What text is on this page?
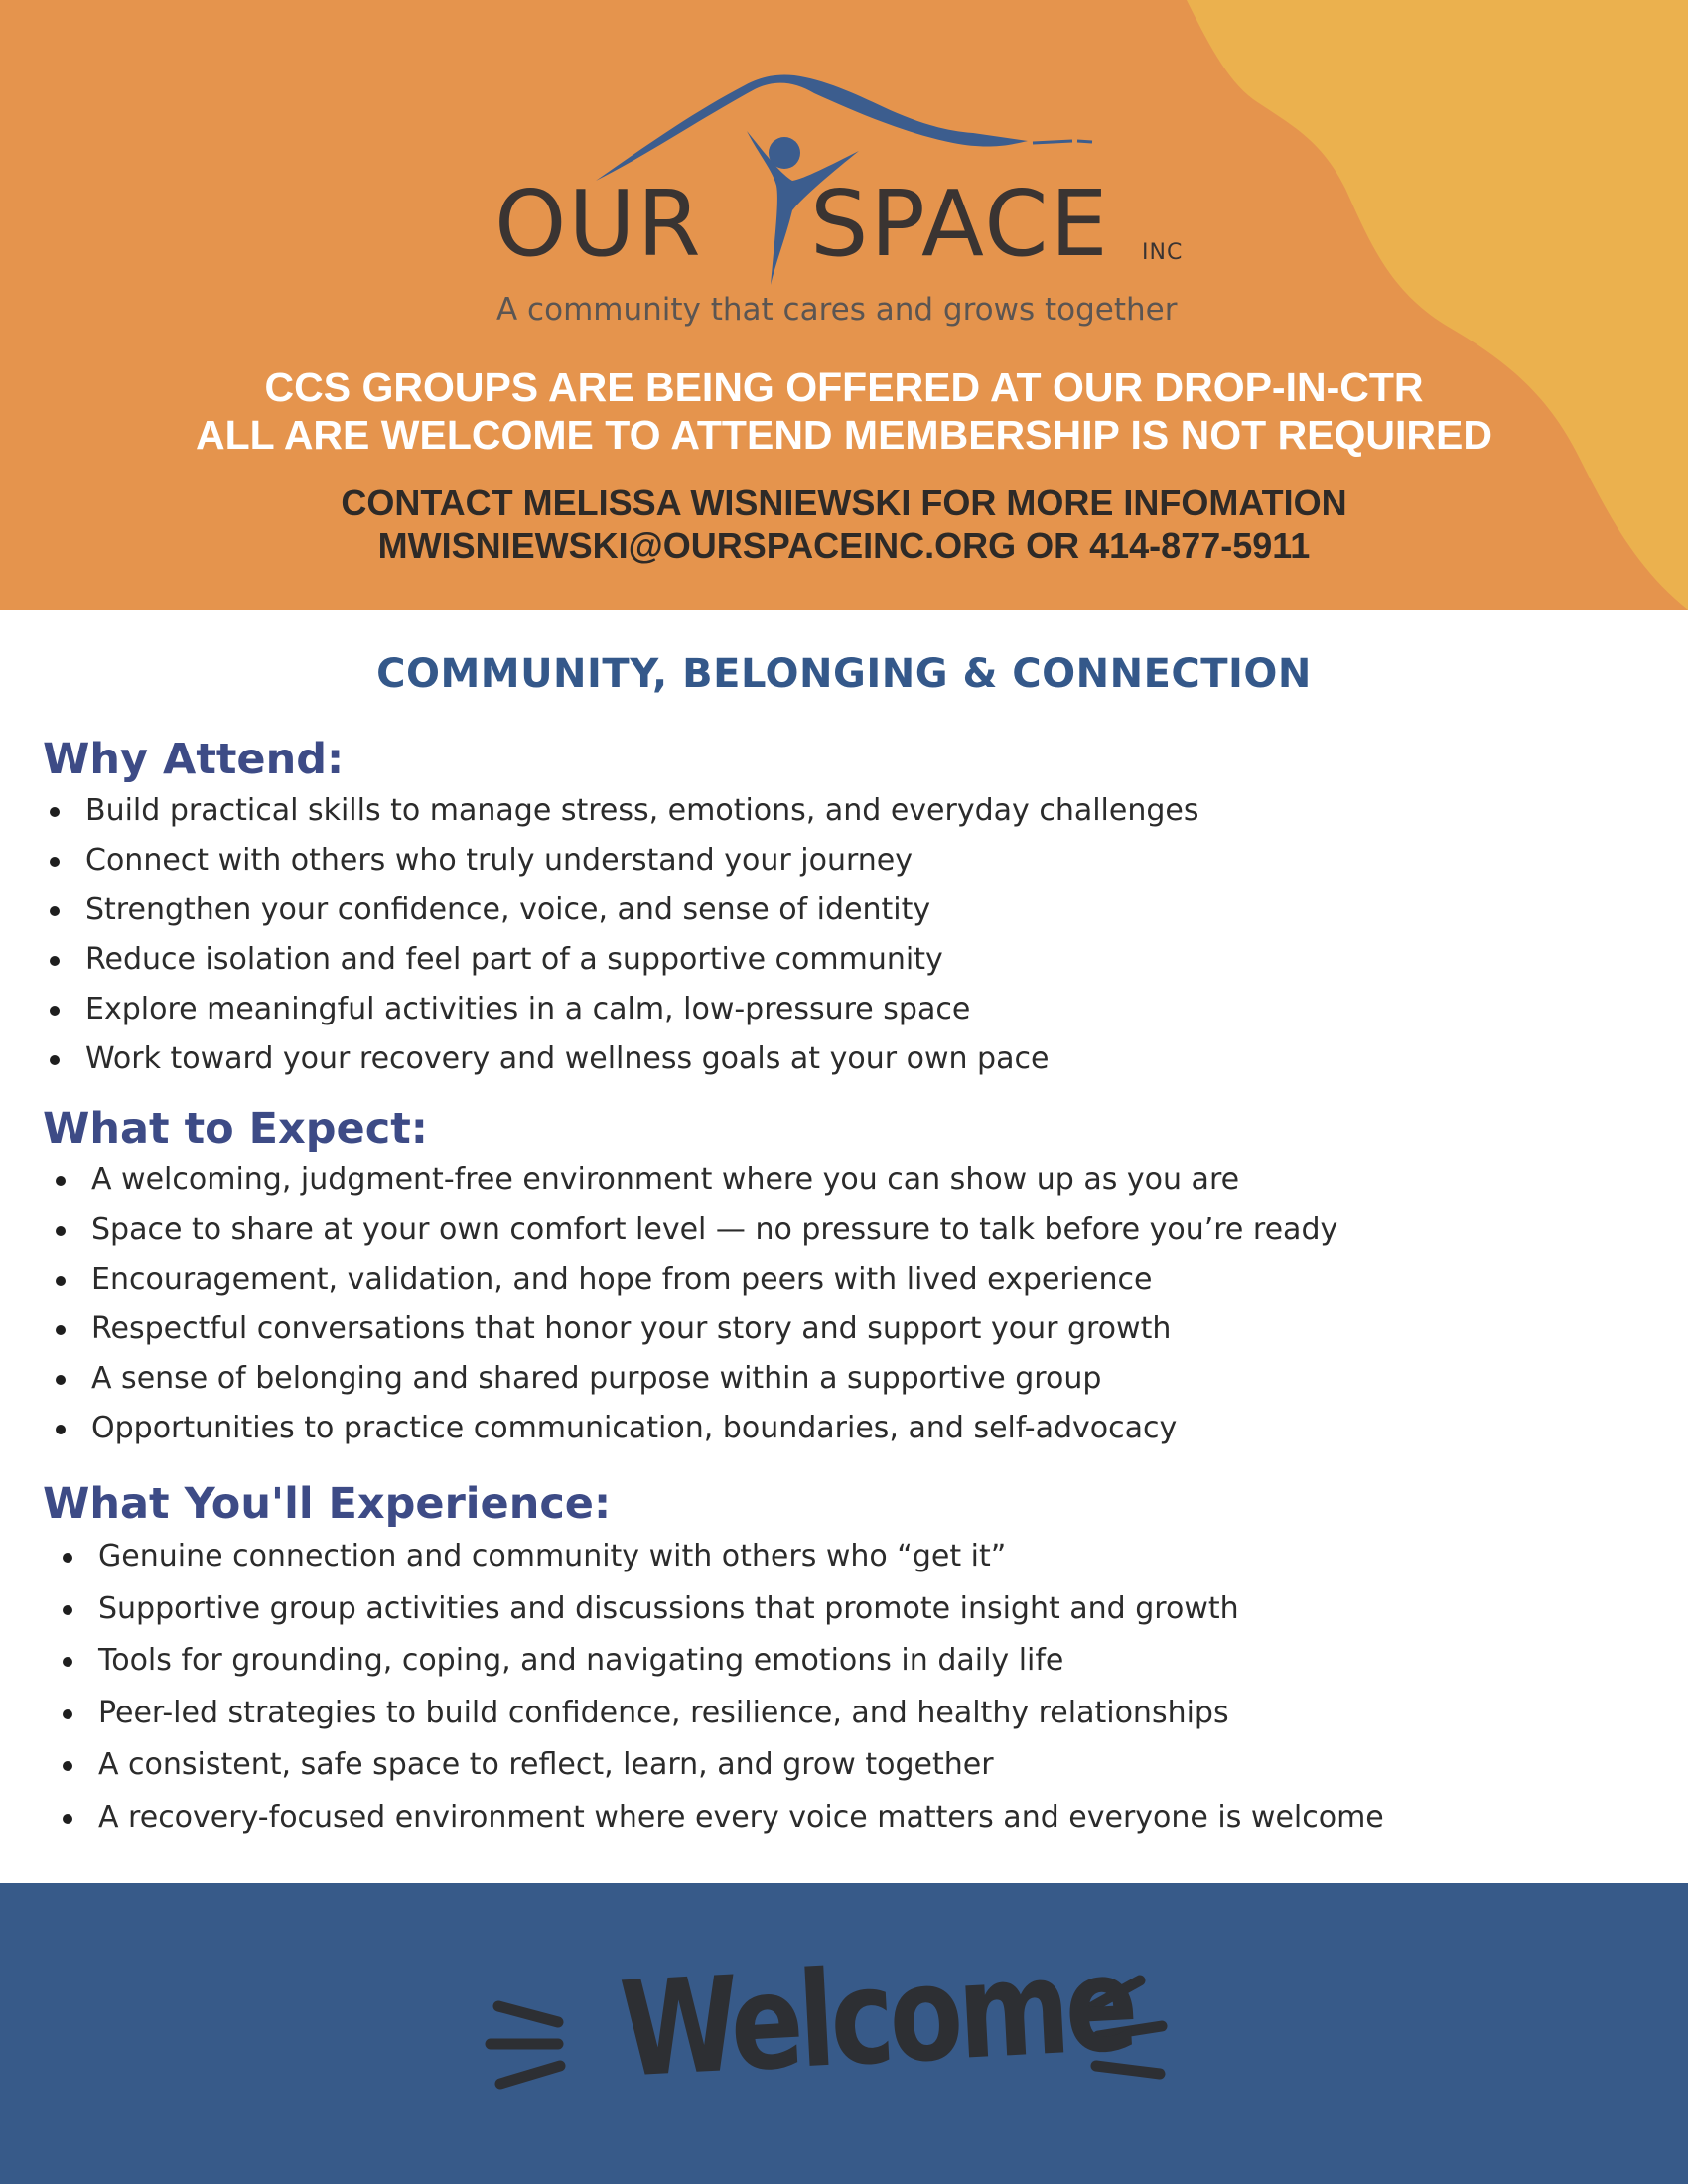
OUR SPACE INC
A community that cares and grows together
CCS GROUPS ARE BEING OFFERED AT OUR DROP-IN-CTR
ALL ARE WELCOME TO ATTEND MEMBERSHIP IS NOT REQUIRED
CONTACT MELISSA WISNIEWSKI FOR MORE INFOMATION
MWISNIEWSKI@OURSPACEINC.ORG OR 414-877-5911
COMMUNITY, BELONGING & CONNECTION
Why Attend:
Build practical skills to manage stress, emotions, and everyday challenges
Connect with others who truly understand your journey
Strengthen your confidence, voice, and sense of identity
Reduce isolation and feel part of a supportive community
Explore meaningful activities in a calm, low-pressure space
Work toward your recovery and wellness goals at your own pace
What to Expect:
A welcoming, judgment-free environment where you can show up as you are
Space to share at your own comfort level — no pressure to talk before you’re ready
Encouragement, validation, and hope from peers with lived experience
Respectful conversations that honor your story and support your growth
A sense of belonging and shared purpose within a supportive group
Opportunities to practice communication, boundaries, and self-advocacy
What You'll Experience:
Genuine connection and community with others who “get it”
Supportive group activities and discussions that promote insight and growth
Tools for grounding, coping, and navigating emotions in daily life
Peer-led strategies to build confidence, resilience, and healthy relationships
A consistent, safe space to reflect, learn, and grow together
A recovery-focused environment where every voice matters and everyone is welcome
Welcome
